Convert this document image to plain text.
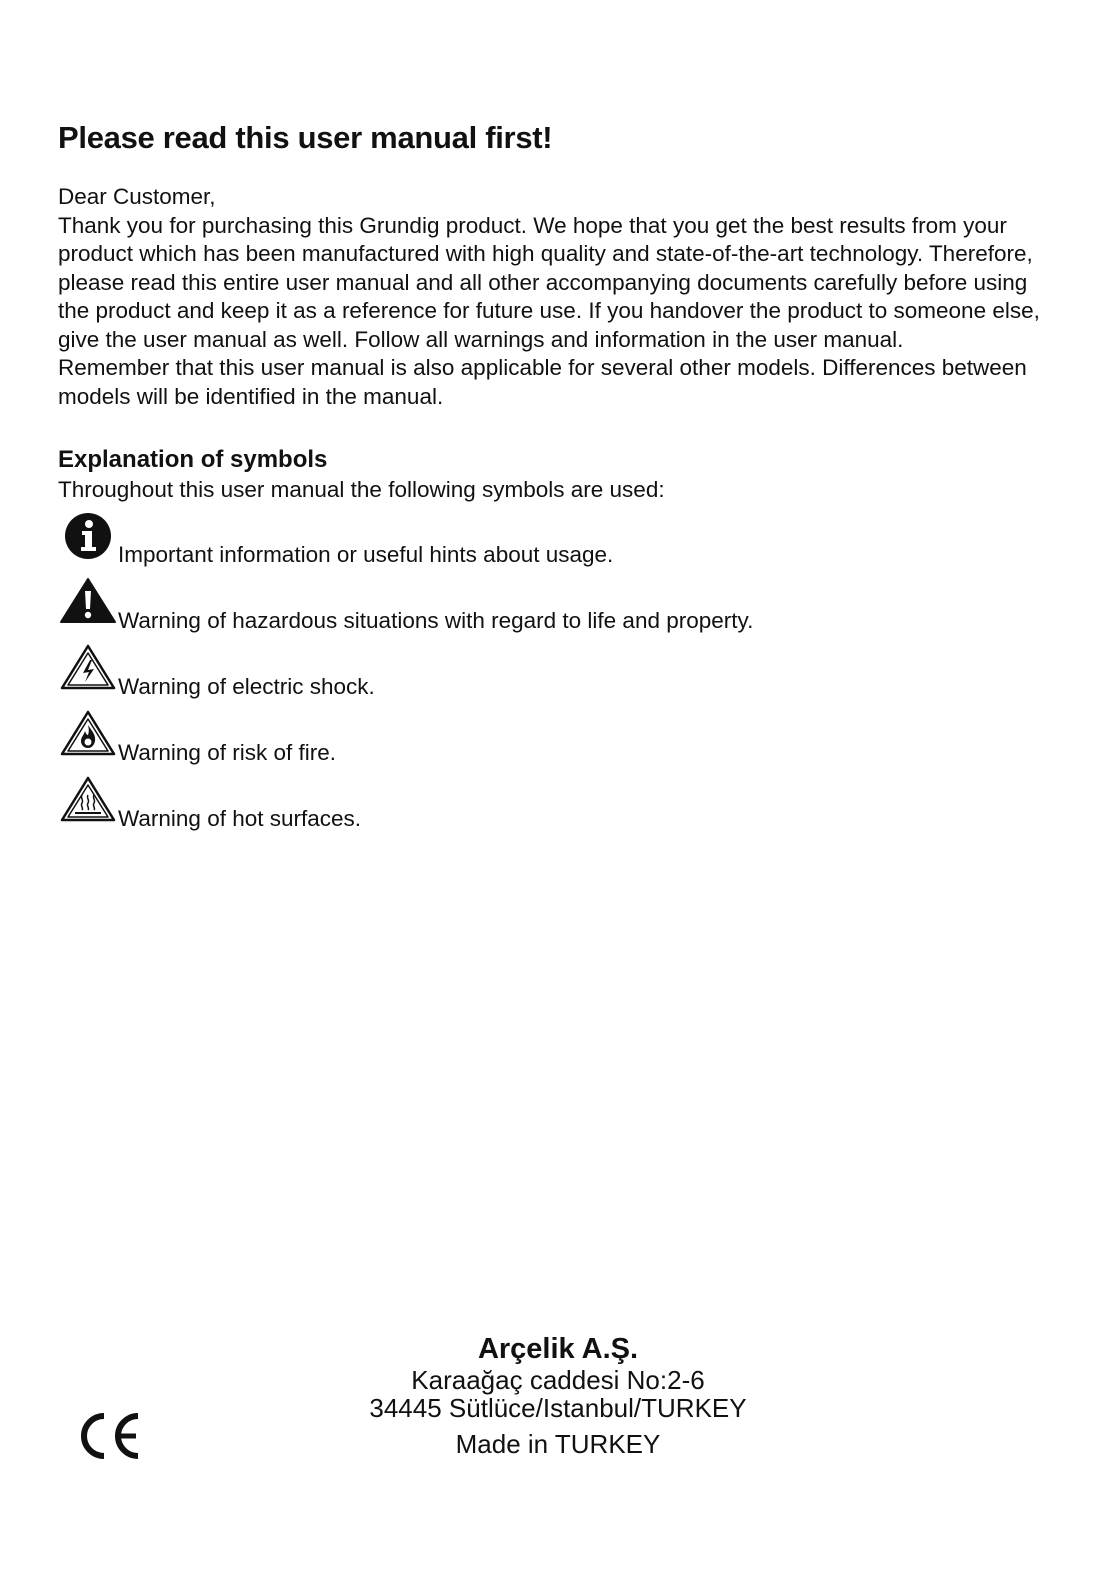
Please read this user manual first!

Dear Customer,

Thank you for purchasing this Grundig product. We hope that you get the best results from your product which has been manufactured with high quality and state-of-the-art technology. Therefore, please read this entire user manual and all other accompanying documents carefully before using the product and keep it as a reference for future use. If you handover the product to someone else, give the user manual as well. Follow all warnings and information in the user manual.

Remember that this user manual is also applicable for several other models. Differences between models will be identified in the manual.

Explanation of symbols

Throughout this user manual the following symbols are used:

Important information or useful hints about usage.
Warning of hazardous situations with regard to life and property.
Warning of electric shock.
Warning of risk of fire.
Warning of hot surfaces.
Arçelik A.Ş.
Karaağaç caddesi No:2-6
34445 Sütlüce/Istanbul/TURKEY
Made in TURKEY
